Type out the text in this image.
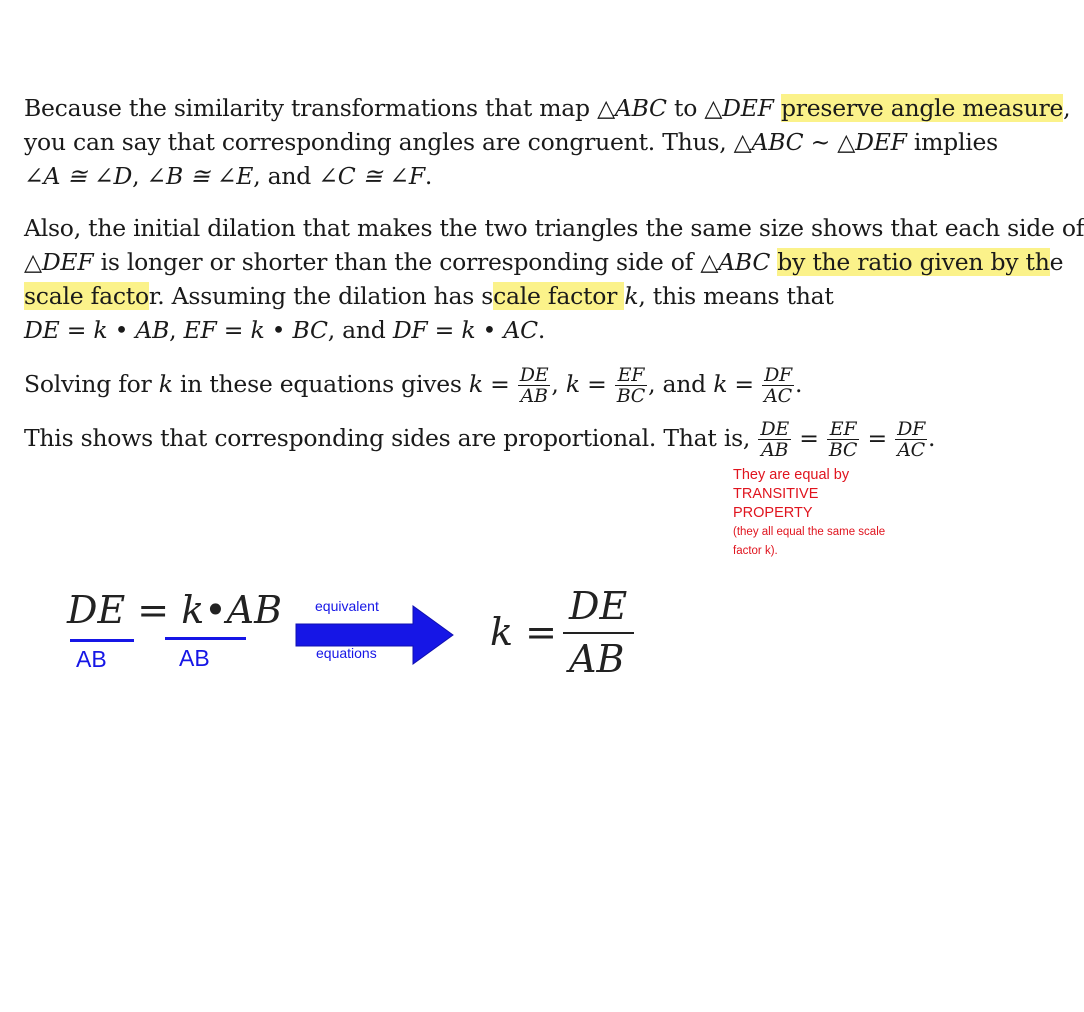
Because the similarity transformations that map △ABC to △DEF preserve angle measure,
you can say that corresponding angles are congruent. Thus, △ABC ~ △DEF implies
∠A ≅ ∠D, ∠B ≅ ∠E, and ∠C ≅ ∠F.
Also, the initial dilation that makes the two triangles the same size shows that each side of
△DEF is longer or shorter than the corresponding side of △ABC by the ratio given by the
scale factor. Assuming the dilation has scale factor k, this means that
DE = k • AB, EF = k • BC, and DF = k • AC.
Solving for k in these equations gives $k = \frac{DE}{AB}$ , $k = \frac{EF}{BC}$ , and $k = \frac{DF}{AC}$ .
This shows that corresponding sides are proportional. That is, $\frac{DE}{AB} = \frac{EF}{BC} = \frac{DF}{AC}$ .
They are equal by
TRANSITIVE
PROPERTY
(they all equal the same scale
factor k).
DE = k•AB
AB	AB
equivalent
equations	k =
DE
AB
